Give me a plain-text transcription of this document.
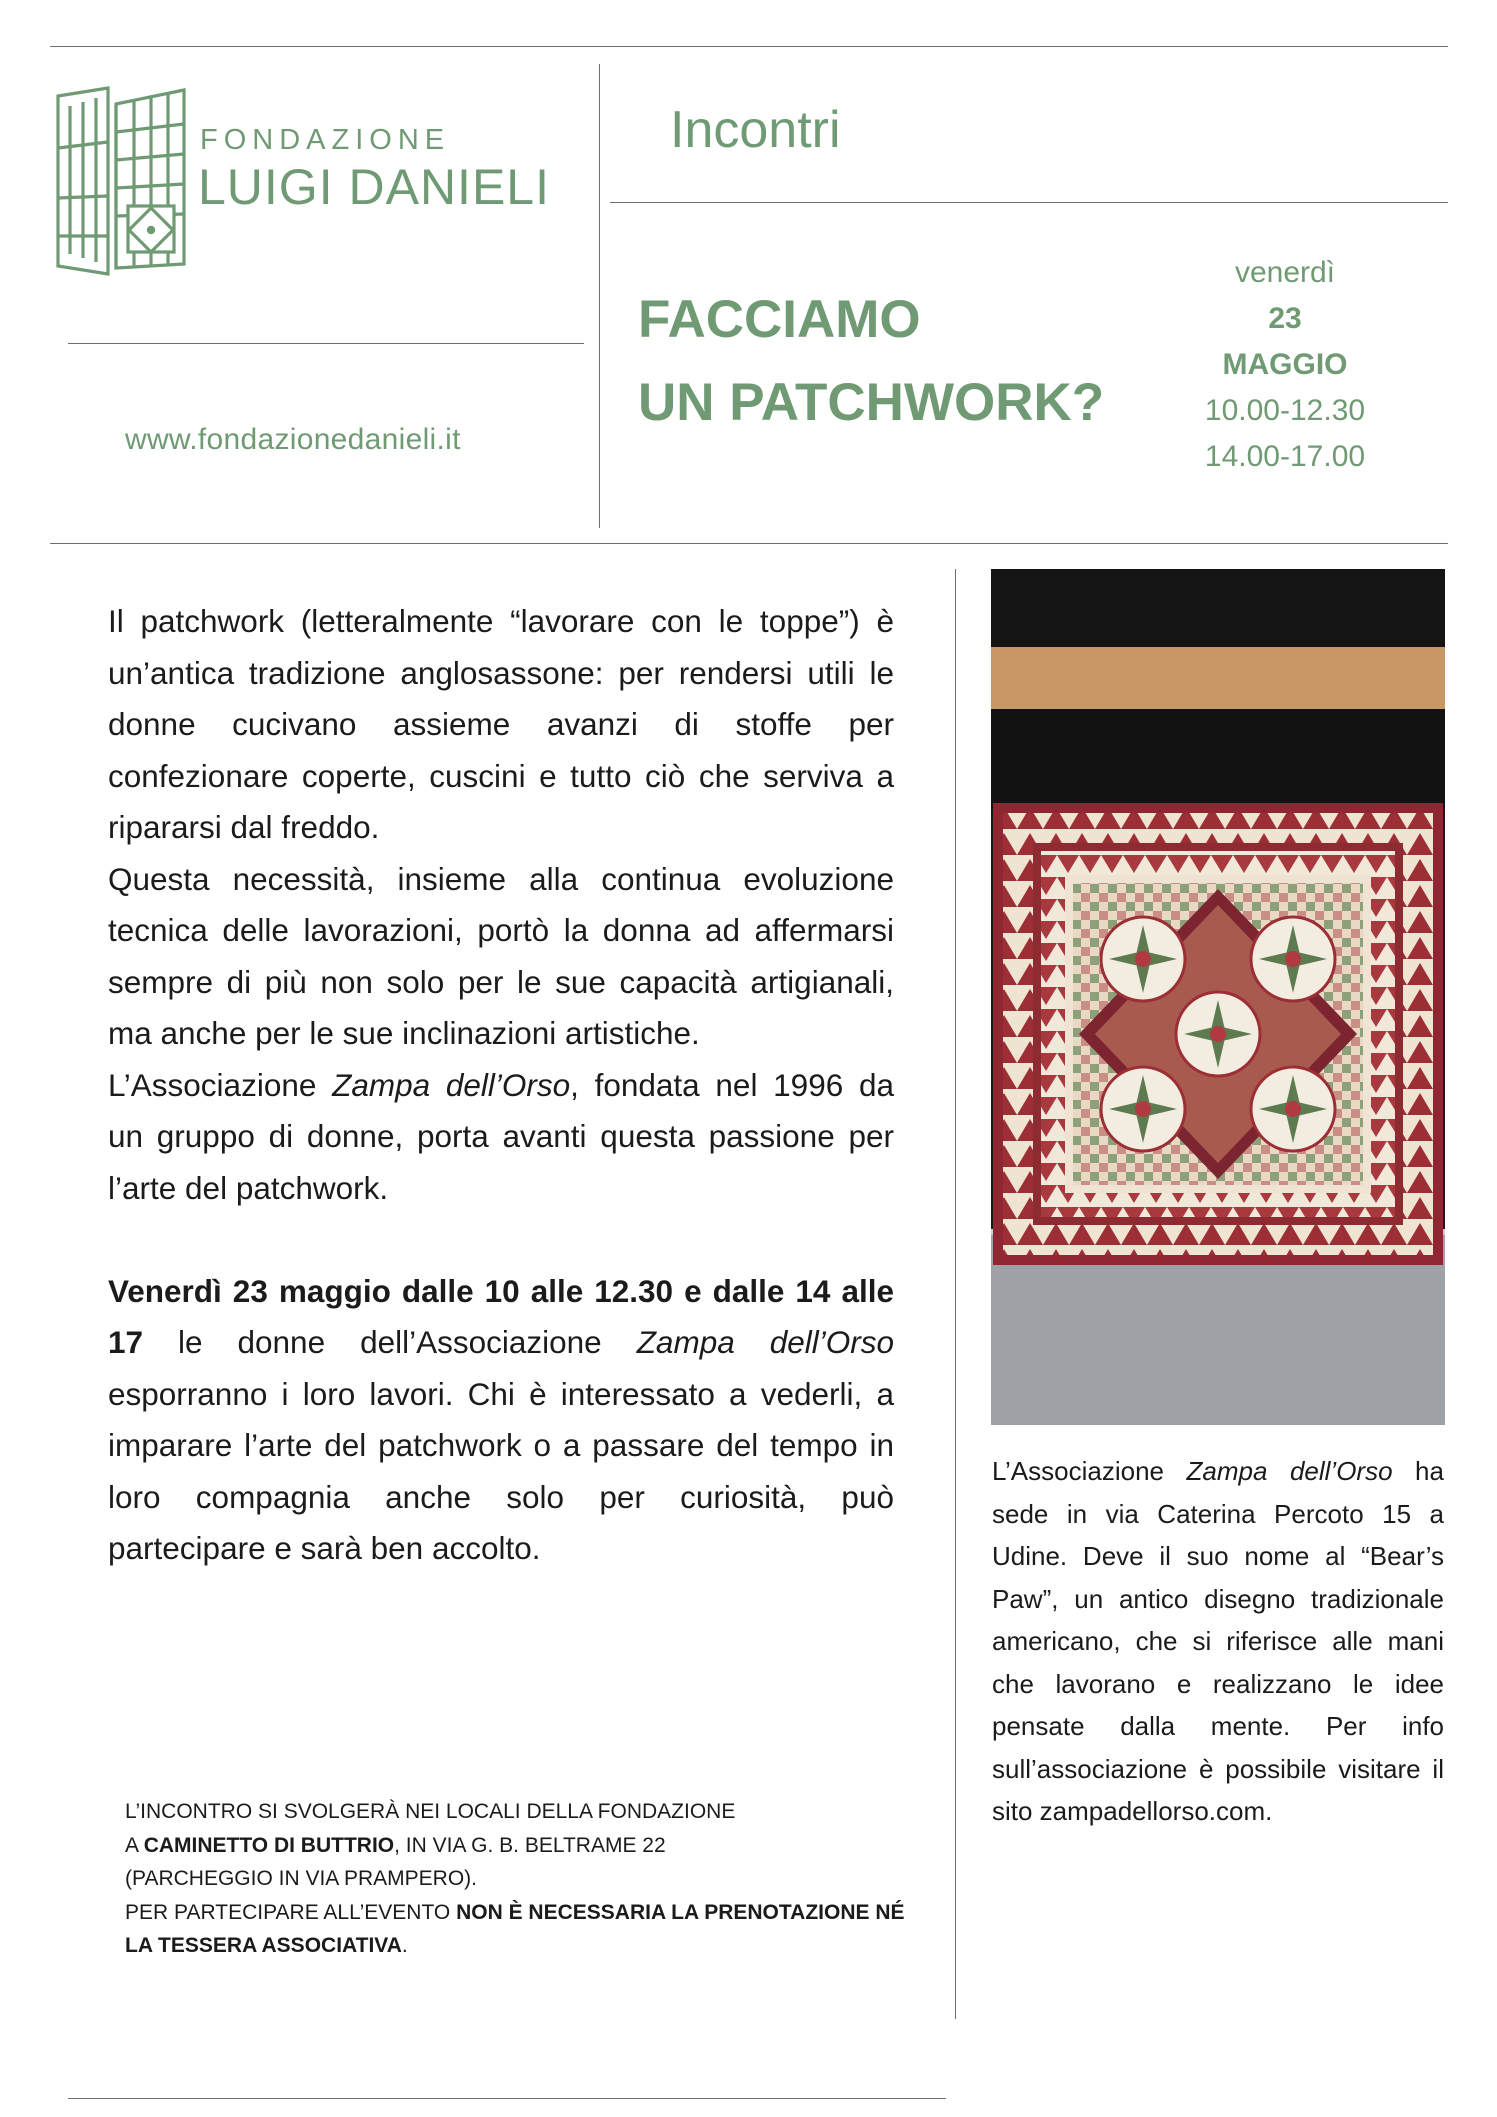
FONDAZIONE
LUIGI DANIELI
www.fondazionedanieli.it
Incontri
FACCIAMO
UN PATCHWORK?
venerdì
23
MAGGIO
10.00-12.30
14.00-17.00

Il patchwork (letteralmente “lavorare con le toppe”) è un’antica tradizione anglosassone: per rendersi utili le donne cucivano assieme avanzi di stoffe per confezionare coperte, cuscini e tutto ciò che serviva a ripararsi dal freddo.

Questa necessità, insieme alla continua evoluzione tecnica delle lavorazioni, portò la donna ad affermarsi sempre di più non solo per le sue capacità artigianali, ma anche per le sue inclinazioni artistiche.

L’Associazione Zampa dell’Orso, fondata nel 1996 da un gruppo di donne, porta avanti questa passione per l’arte del patchwork.

Venerdì 23 maggio dalle 10 alle 12.30 e dalle 14 alle 17 le donne dell’Associazione Zampa dell’Orso esporranno i loro lavori. Chi è interessato a vederli, a imparare l’arte del patchwork o a passare del tempo in loro compagnia anche solo per curiosità, può partecipare e sarà ben accolto.

L’INCONTRO SI SVOLGERÀ NEI LOCALI DELLA FONDAZIONE

A CAMINETTO DI BUTTRIO, IN VIA G. B. BELTRAME 22

(PARCHEGGIO IN VIA PRAMPERO).

PER PARTECIPARE ALL’EVENTO NON È NECESSARIA LA PRENOTAZIONE NÉ LA TESSERA ASSOCIATIVA.

L’Associazione Zampa dell’Orso ha sede in via Caterina Percoto 15 a Udine. Deve il suo nome al “Bear’s Paw”, un antico disegno tradizionale americano, che si riferisce alle mani che lavorano e realizzano le idee pensate dalla mente. Per info sull’associazione è possibile visitare il sito zampadellorso.com.
